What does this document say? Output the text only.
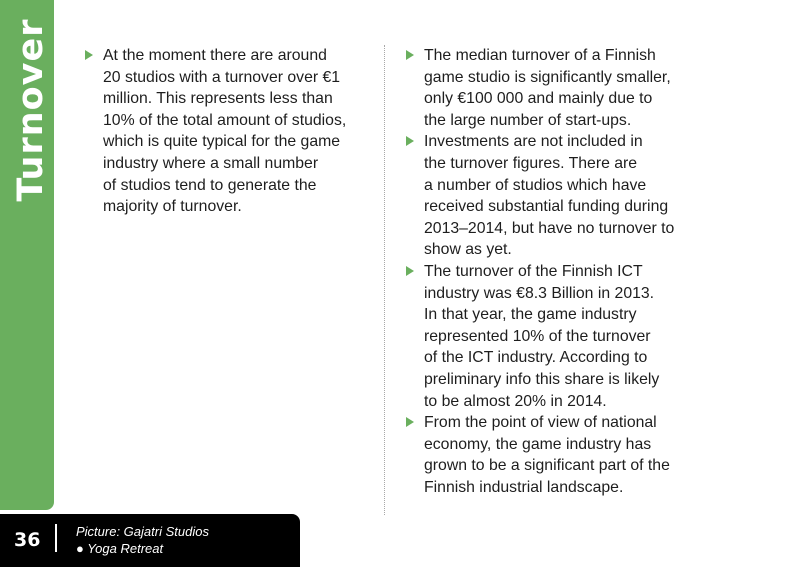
Turnover	At the moment there are around
20 studios with a turnover over €1
million. This represents less than
10% of the total amount of studios,
which is quite typical for the game
industry where a small number
of studios tend to generate the
majority of turnover.
The median turnover of a Finnish
game studio is significantly smaller,
only €100 000 and mainly due to
the large number of start-ups.
Investments are not included in
the turnover figures. There are
a number of studios which have
received substantial funding during
2013–2014, but have no turnover to
show as yet.
The turnover of the Finnish ICT
industry was €8.3 Billion in 2013.
In that year, the game industry
represented 10% of the turnover
of the ICT industry. According to
preliminary info this share is likely
to be almost 20% in 2014.
From the point of view of national
economy, the game industry has
grown to be a significant part of the
Finnish industrial landscape.
36	Picture: Gajatri Studios
● Yoga Retreat
